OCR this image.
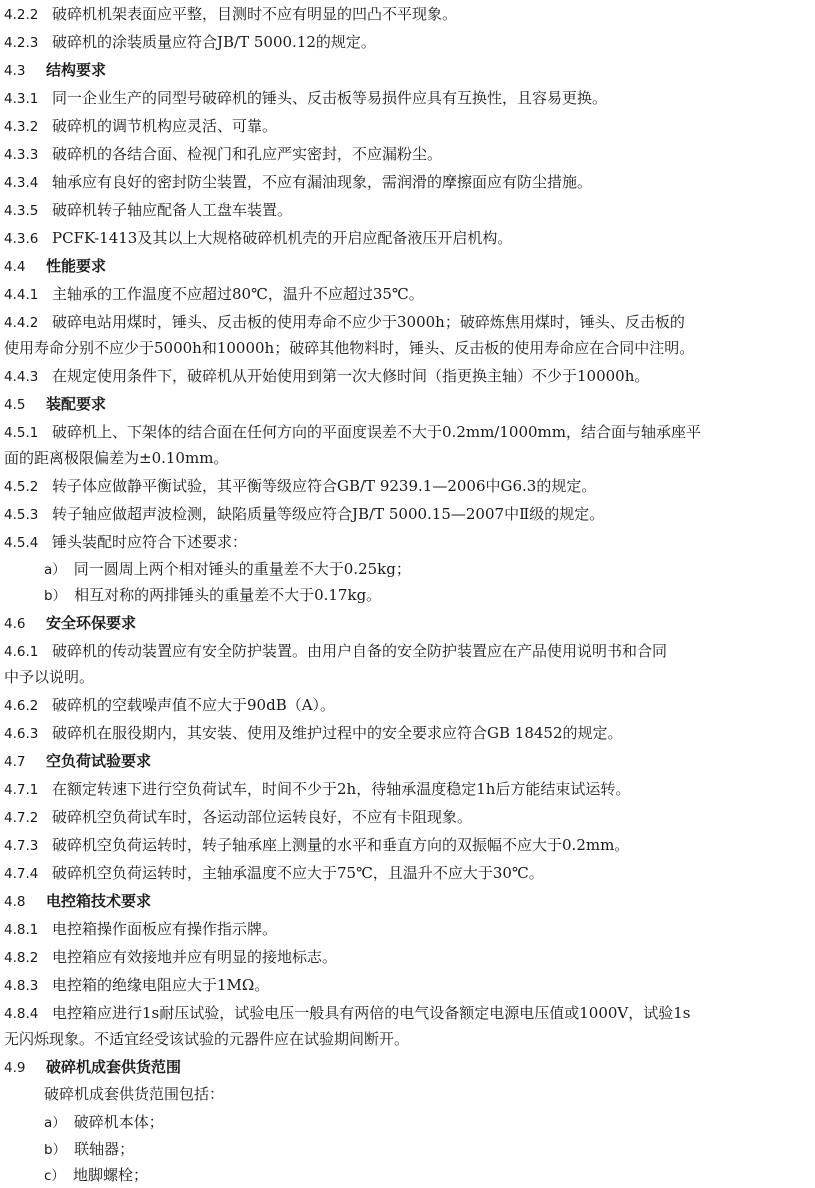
4.2.2 破碎机机架表面应平整，目测时不应有明显的凹凸不平现象。
4.2.3 破碎机的涂装质量应符合JB/T 5000.12的规定。
4.3 结构要求
4.3.1 同一企业生产的同型号破碎机的锤头、反击板等易损件应具有互换性，且容易更换。
4.3.2 破碎机的调节机构应灵活、可靠。
4.3.3 破碎机的各结合面、检视门和孔应严实密封，不应漏粉尘。
4.3.4 轴承应有良好的密封防尘装置，不应有漏油现象，需润滑的摩擦面应有防尘措施。
4.3.5 破碎机转子轴应配备人工盘车装置。
4.3.6 PCFK-1413及其以上大规格破碎机机壳的开启应配备液压开启机构。
4.4 性能要求
4.4.1 主轴承的工作温度不应超过80℃，温升不应超过35℃。
4.4.2 破碎电站用煤时，锤头、反击板的使用寿命不应少于3000h；破碎炼焦用煤时，锤头、反击板的
使用寿命分别不应少于5000h和10000h；破碎其他物料时，锤头、反击板的使用寿命应在合同中注明。
4.4.3 在规定使用条件下，破碎机从开始使用到第一次大修时间（指更换主轴）不少于10000h。
4.5 装配要求
4.5.1 破碎机上、下架体的结合面在任何方向的平面度误差不大于0.2mm/1000mm，结合面与轴承座平
面的距离极限偏差为±0.10mm。
4.5.2 转子体应做静平衡试验，其平衡等级应符合GB/T 9239.1—2006中G6.3的规定。
4.5.3 转子轴应做超声波检测，缺陷质量等级应符合JB/T 5000.15—2007中Ⅱ级的规定。
4.5.4 锤头装配时应符合下述要求：
a） 同一圆周上两个相对锤头的重量差不大于0.25kg；
b） 相互对称的两排锤头的重量差不大于0.17kg。
4.6 安全环保要求
4.6.1 破碎机的传动装置应有安全防护装置。由用户自备的安全防护装置应在产品使用说明书和合同
中予以说明。
4.6.2 破碎机的空载噪声值不应大于90dB（A）。
4.6.3 破碎机在服役期内，其安装、使用及维护过程中的安全要求应符合GB 18452的规定。
4.7 空负荷试验要求
4.7.1 在额定转速下进行空负荷试车，时间不少于2h，待轴承温度稳定1h后方能结束试运转。
4.7.2 破碎机空负荷试车时，各运动部位运转良好，不应有卡阻现象。
4.7.3 破碎机空负荷运转时，转子轴承座上测量的水平和垂直方向的双振幅不应大于0.2mm。
4.7.4 破碎机空负荷运转时，主轴承温度不应大于75℃，且温升不应大于30℃。
4.8 电控箱技术要求
4.8.1 电控箱操作面板应有操作指示牌。
4.8.2 电控箱应有效接地并应有明显的接地标志。
4.8.3 电控箱的绝缘电阻应大于1MΩ。
4.8.4 电控箱应进行1s耐压试验，试验电压一般具有两倍的电气设备额定电源电压值或1000V，试验1s
无闪烁现象。不适宜经受该试验的元器件应在试验期间断开。
4.9 破碎机成套供货范围
破碎机成套供货范围包括：
a） 破碎机本体；
b） 联轴器；
c） 地脚螺栓；
